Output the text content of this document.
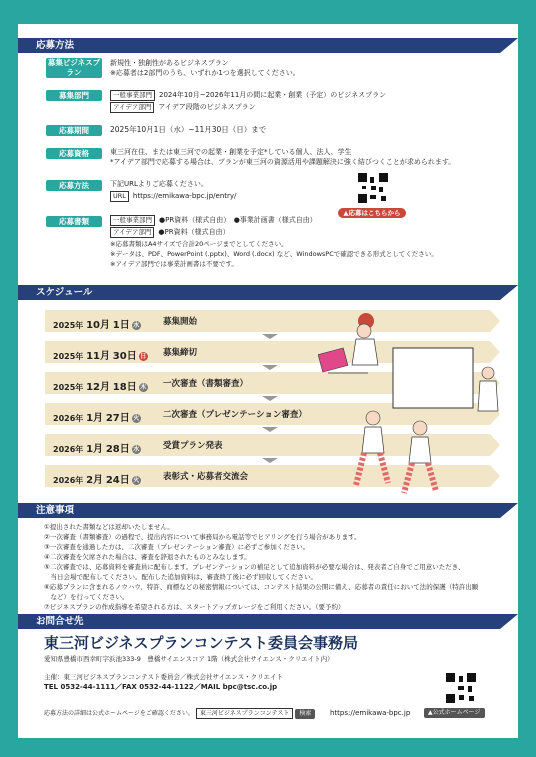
応募方法
募集ビジネスプラン
新規性・独創性があるビジネスプラン
※応募者は2部門のうち、いずれか1つを選択してください。
募集部門	一般事業部門 2024年10月~2026年11月の間に起業・創業（予定）のビジネスプラン
アイデア部門 アイデア段階のビジネスプラン
応募期間	2025年10月1日（水）~11月30日（日）まで
応募資格	東三河在住、または東三河での起業・創業を予定*している個人、法人、学生
*アイデア部門で応募する場合は、プランが東三河の資源活用や課題解決に強く結びつくことが求められます。
応募方法	下記URLよりご応募ください。
URL https://emikawa-bpc.jp/entry/
▲応募はこちらから
応募書類	一般事業部門 ●PR資料（様式自由）　●事業計画書（様式自由）
アイデア部門 ●PR資料（様式自由）
※応募書類はA4サイズで合計20ページまでとしてください。
※データは、PDF、PowerPoint (.pptx)、Word (.docx) など、WindowsPCで確認できる形式としてください。
※アイデア部門では事業計画書は不要です。
スケジュール
2025年 10月 1日 水	募集開始
2025年 11月 30日 日 募集締切
2025年 12月 18日 木 一次審査（書類審査）
2026年 1月 27日 火	二次審査（プレゼンテーション審査）
2026年 1月 28日 水	受賞プラン発表
2026年 2月 24日 火	表彰式・応募者交流会
注意事項
①提出された書類などは返却いたしません。
②一次審査（書類審査）の過程で、提出内容について事務局から電話等でヒアリングを行う場合があります。
③一次審査を通過した方は、二次審査（プレゼンテーション審査）に必ずご参加ください。
④二次審査を欠席された場合は、審査を辞退されたものとみなします。
⑤二次審査では、応募資料を審査員に配布します。プレゼンテーションの補足として追加資料が必要な場合は、発表者ご自身でご用意いただき、
　当日会場で配布してください。配布した追加資料は、審査終了後に必ず回収してください。
⑥応募プランに含まれるノウハウ、特許、商標などの秘密情報については、コンテスト結果の公開に備え、応募者の責任において法的保護（特許出願
　など）を行ってください。
⑦ビジネスプランの作成指導を希望される方は、スタートアップガレージをご利用ください。（要予約）
お問合せ先
東三河ビジネスプランコンテスト委員会事務局
愛知県豊橋市西幸町字浜池333-9　豊橋サイエンスコア 1階（株式会社サイエンス・クリエイト内）
主催：東三河ビジネスプランコンテスト委員会／株式会社サイエンス・クリエイト
TEL 0532-44-1111／FAX 0532-44-1122／MAIL bpc@tsc.co.jp
応募方法の詳細は公式ホームページをご確認ください。 東三河ビジネスプランコンテスト 検索	https://emikawa-bpc.jp	▲公式ホームページ
